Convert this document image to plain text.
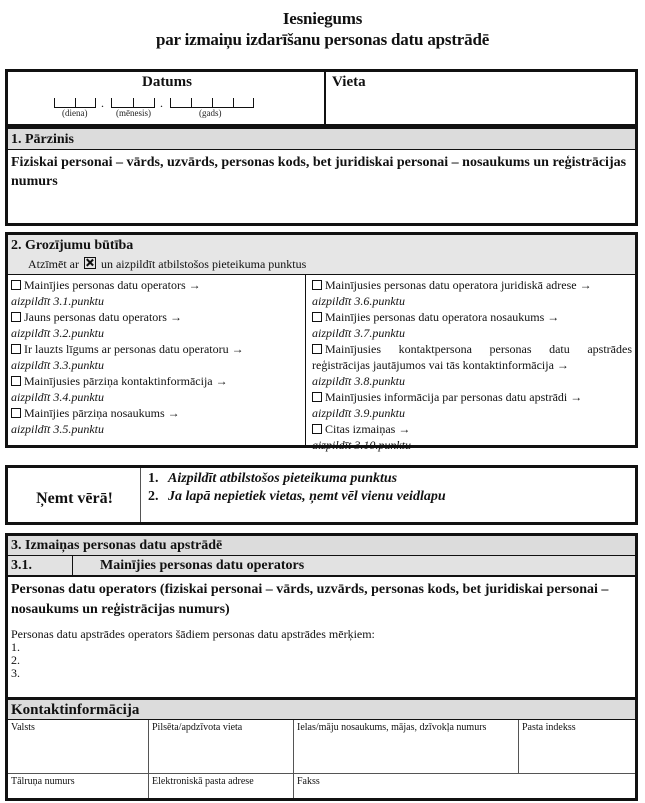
Iesniegums
par izmaiņu izdarīšanu personas datu apstrādē
Datums
.	.
(diena)	(mēnesis)	(gads)
Vieta
1. Pārzinis
Fiziskai personai – vārds, uzvārds, personas kods, bet juridiskai personai – nosaukums un reģistrācijas numurs
2. Grozījumu būtība
Atzīmēt ar un aizpildīt atbilstošos pieteikuma punktus
Mainījies personas datu operators →
aizpildīt 3.1.punktu
Jauns personas datu operators →
aizpildīt 3.2.punktu
Ir lauzts līgums ar personas datu operatoru →
aizpildīt 3.3.punktu
Mainījusies pārziņa kontaktinformācija →
aizpildīt 3.4.punktu
Mainījies pārziņa nosaukums →
aizpildīt 3.5.punktu
Mainījusies personas datu operatora juridiskā adrese →
aizpildīt 3.6.punktu
Mainījies personas datu operatora nosaukums →
aizpildīt 3.7.punktu
Mainījusies kontaktpersona personas datu apstrādes
reģistrācijas jautājumos vai tās kontaktinformācija →
aizpildīt 3.8.punktu
Mainījusies informācija par personas datu apstrādi →
aizpildīt 3.9.punktu
Citas izmaiņas →
aizpildīt 3.10.punktu
Ņemt vērā!
1. Aizpildīt atbilstošos pieteikuma punktus
2. Ja lapā nepietiek vietas, ņemt vēl vienu veidlapu
3. Izmaiņas personas datu apstrādē
3.1.	Mainījies personas datu operators
Personas datu operators (fiziskai personai – vārds, uzvārds, personas kods, bet juridiskai personai – nosaukums un reģistrācijas numurs)
Personas datu apstrādes operators šādiem personas datu apstrādes mērķiem:
1.
2.
3.
Kontaktinformācija
Valsts	Pilsēta/apdzīvota vieta	Ielas/māju nosaukums, mājas, dzīvokļa numurs	Pasta indekss
Tālruņa numurs	Elektroniskā pasta adrese	Fakss
